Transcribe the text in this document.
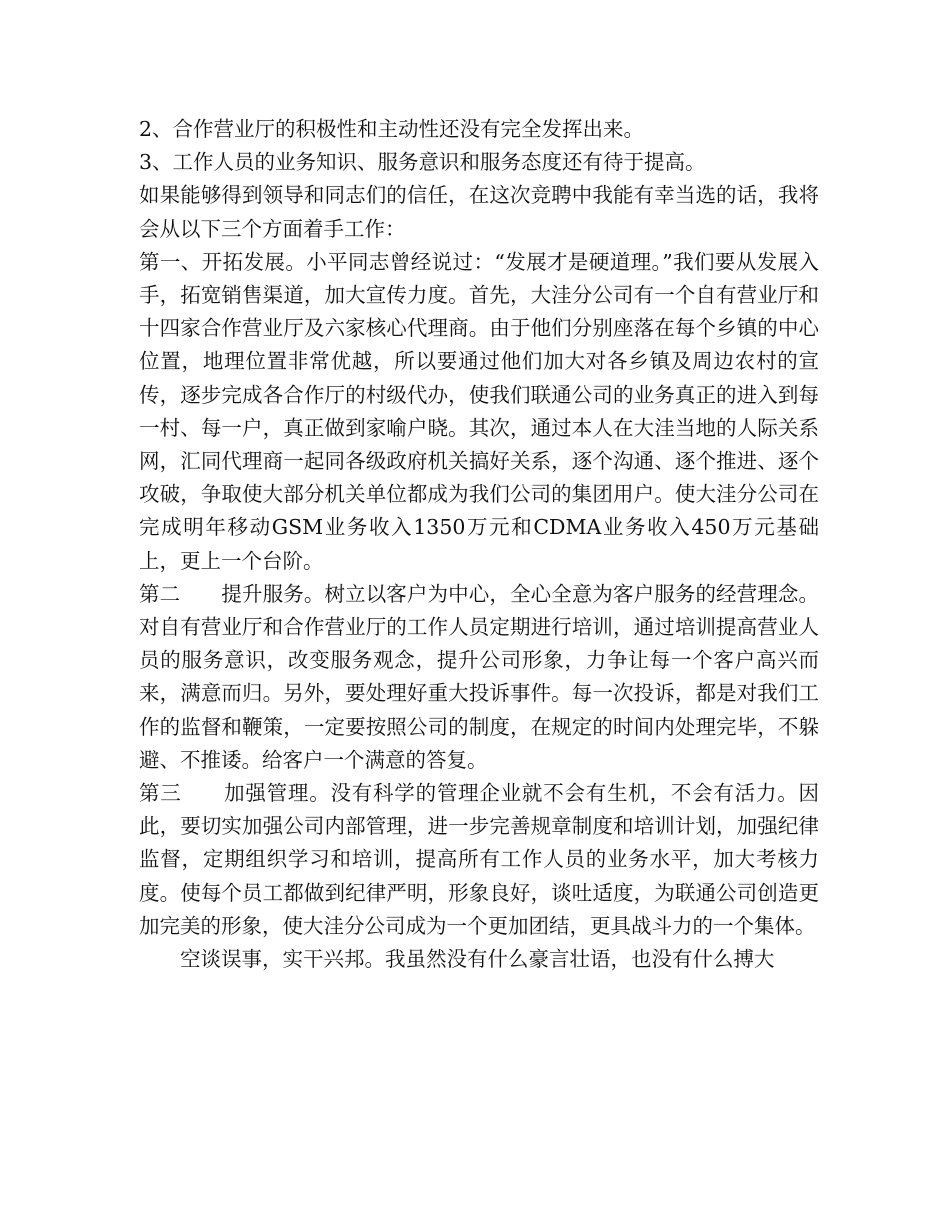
2、合作营业厅的积极性和主动性还没有完全发挥出来。

3、工作人员的业务知识、服务意识和服务态度还有待于提高。

如果能够得到领导和同志们的信任，在这次竞聘中我能有幸当选的话，我将会从以下三个方面着手工作：

第一、开拓发展。小平同志曾经说过：“发展才是硬道理。”我们要从发展入手，拓宽销售渠道，加大宣传力度。首先，大洼分公司有一个自有营业厅和十四家合作营业厅及六家核心代理商。由于他们分别座落在每个乡镇的中心位置，地理位置非常优越，所以要通过他们加大对各乡镇及周边农村的宣传，逐步完成各合作厅的村级代办，使我们联通公司的业务真正的进入到每一村、每一户，真正做到家喻户晓。其次，通过本人在大洼当地的人际关系网，汇同代理商一起同各级政府机关搞好关系，逐个沟通、逐个推进、逐个攻破，争取使大部分机关单位都成为我们公司的集团用户。使大洼分公司在完成明年移动GSM业务收入1350万元和CDMA业务收入450万元基础上，更上一个台阶。

第二　　提升服务。树立以客户为中心，全心全意为客户服务的经营理念。对自有营业厅和合作营业厅的工作人员定期进行培训，通过培训提高营业人员的服务意识，改变服务观念，提升公司形象，力争让每一个客户高兴而来，满意而归。另外，要处理好重大投诉事件。每一次投诉，都是对我们工作的监督和鞭策，一定要按照公司的制度，在规定的时间内处理完毕，不躲避、不推诿。给客户一个满意的答复。

第三　　加强管理。没有科学的管理企业就不会有生机，不会有活力。因此，要切实加强公司内部管理，进一步完善规章制度和培训计划，加强纪律监督，定期组织学习和培训，提高所有工作人员的业务水平，加大考核力度。使每个员工都做到纪律严明，形象良好，谈吐适度，为联通公司创造更加完美的形象，使大洼分公司成为一个更加团结，更具战斗力的一个集体。

空谈误事，实干兴邦。我虽然没有什么豪言壮语，也没有什么搏大
